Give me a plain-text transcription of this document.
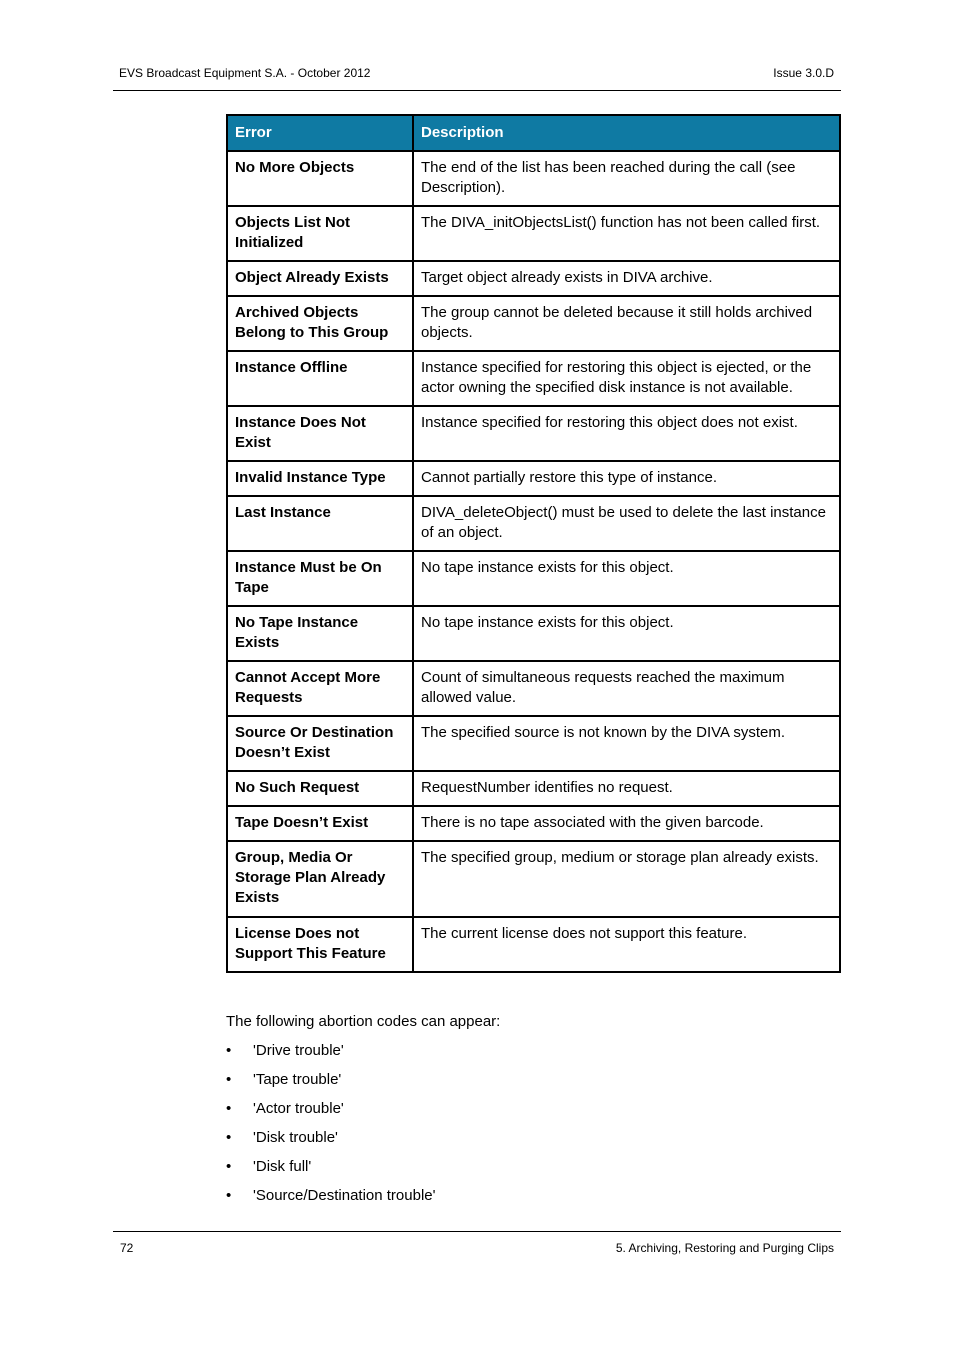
EVS Broadcast Equipment S.A. - October 2012	Issue 3.0.D
Error	Description
No More Objects	The end of the list has been reached during the call (see Description).
Objects List Not Initialized	The DIVA_initObjectsList() function has not been called first.
Object Already Exists	Target object already exists in DIVA archive.
Archived Objects Belong to This Group	The group cannot be deleted because it still holds archived objects.
Instance Offline	Instance specified for restoring this object is ejected, or the actor owning the specified disk instance is not available.
Instance Does Not Exist	Instance specified for restoring this object does not exist.
Invalid Instance Type	Cannot partially restore this type of instance.
Last Instance	DIVA_deleteObject() must be used to delete the last instance of an object.
Instance Must be On Tape	No tape instance exists for this object.
No Tape Instance Exists	No tape instance exists for this object.
Cannot Accept More Requests	Count of simultaneous requests reached the maximum allowed value.
Source Or Destination Doesn’t Exist	The specified source is not known by the DIVA system.
No Such Request	RequestNumber identifies no request.
Tape Doesn’t Exist	There is no tape associated with the given barcode.
Group, Media Or Storage Plan Already Exists	The specified group, medium or storage plan already exists.
License Does not Support This Feature	The current license does not support this feature.
The following abortion codes can appear:
• 'Drive trouble'
• 'Tape trouble'
• 'Actor trouble'
• 'Disk trouble'
• 'Disk full'
• 'Source/Destination trouble'
72	5. Archiving, Restoring and Purging Clips
